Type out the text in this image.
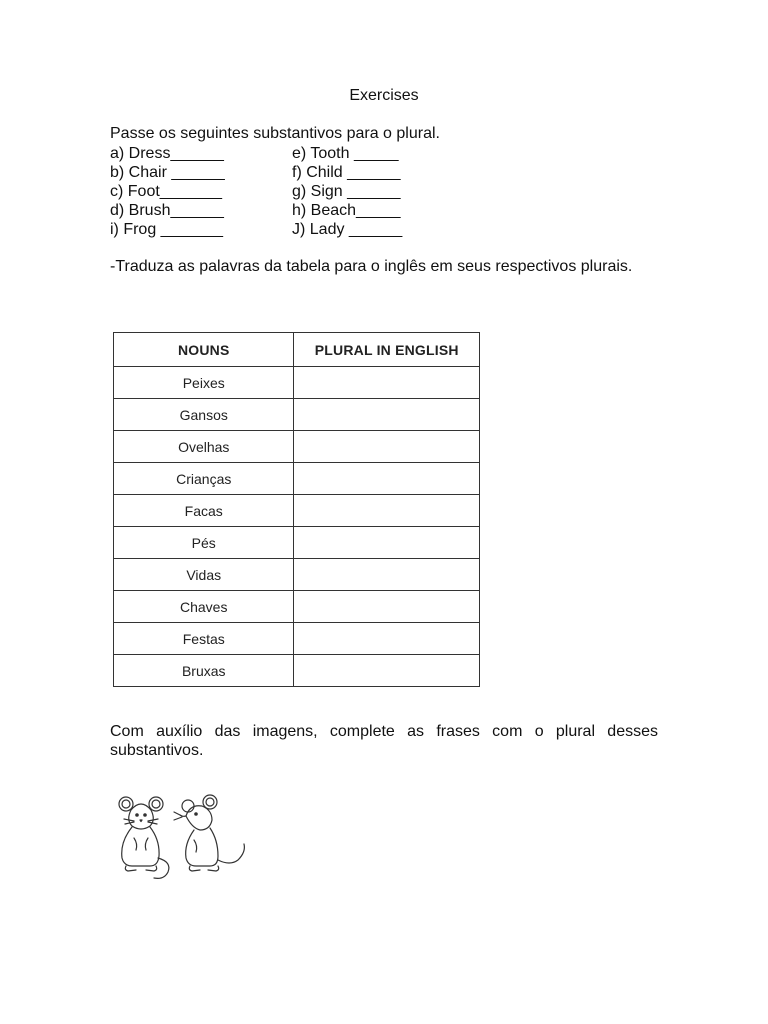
Exercises
Passe os seguintes substantivos para o plural.
a) Dress______
b) Chair ______
c) Foot_______
d) Brush______
i) Frog _______
e) Tooth _____
f) Child ______
g) Sign ______
h) Beach_____
J) Lady ______
-Traduza as palavras da tabela para o inglês em seus respectivos plurais.
NOUNS	PLURAL IN ENGLISH
Peixes	
Gansos	
Ovelhas	
Crianças	
Facas	
Pés	
Vidas	
Chaves	
Festas	
Bruxas	
Com auxílio das imagens, complete as frases com o plural desses substantivos.
